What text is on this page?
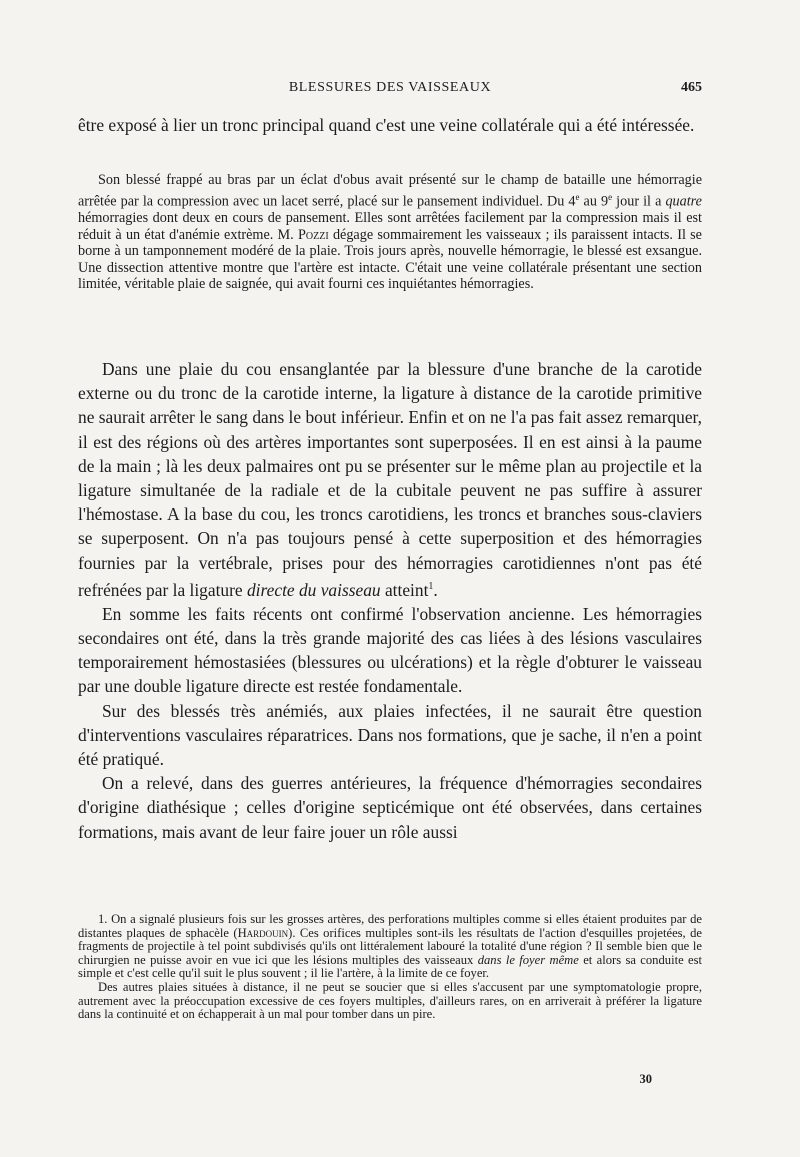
BLESSURES DES VAISSEAUX	465

être exposé à lier un tronc principal quand c'est une veine collatérale qui a été intéressée.

Son blessé frappé au bras par un éclat d'obus avait présenté sur le champ de bataille une hémorragie arrêtée par la compression avec un lacet serré, placé sur le pansement individuel. Du 4e au 9e jour il a quatre hémorragies dont deux en cours de pansement. Elles sont arrêtées facilement par la compression mais il est réduit à un état d'anémie extrème. M. Pozzi dégage sommairement les vaisseaux ; ils paraissent intacts. Il se borne à un tamponnement modéré de la plaie. Trois jours après, nouvelle hémorragie, le blessé est exsangue. Une dissection attentive montre que l'artère est intacte. C'était une veine collatérale présentant une section limitée, véritable plaie de saignée, qui avait fourni ces inquiétantes hémorragies.

Dans une plaie du cou ensanglantée par la blessure d'une branche de la carotide externe ou du tronc de la carotide interne, la ligature à distance de la carotide primitive ne saurait arrêter le sang dans le bout inférieur. Enfin et on ne l'a pas fait assez remarquer, il est des régions où des artères importantes sont superposées. Il en est ainsi à la paume de la main ; là les deux palmaires ont pu se présenter sur le même plan au projectile et la ligature simultanée de la radiale et de la cubitale peuvent ne pas suffire à assurer l'hémostase. A la base du cou, les troncs carotidiens, les troncs et branches sous-claviers se superposent. On n'a pas toujours pensé à cette superposition et des hémorragies fournies par la vertébrale, prises pour des hémorragies carotidiennes n'ont pas été refrénées par la ligature directe du vaisseau atteint$^1$.

En somme les faits récents ont confirmé l'observation ancienne. Les hémorragies secondaires ont été, dans la très grande majorité des cas liées à des lésions vasculaires temporairement hémostasiées (blessures ou ulcérations) et la règle d'obturer le vaisseau par une double ligature directe est restée fondamentale.

Sur des blessés très anémiés, aux plaies infectées, il ne saurait être question d'interventions vasculaires réparatrices. Dans nos formations, que je sache, il n'en a point été pratiqué.

On a relevé, dans des guerres antérieures, la fréquence d'hémorragies secondaires d'origine diathésique ; celles d'origine septicémique ont été observées, dans certaines formations, mais avant de leur faire jouer un rôle aussi

1. On a signalé plusieurs fois sur les grosses artères, des perforations multiples comme si elles étaient produites par de distantes plaques de sphacèle (Hardouin). Ces orifices multiples sont-ils les résultats de l'action d'esquilles projetées, de fragments de projectile à tel point subdivisés qu'ils ont littéralement labouré la totalité d'une région ? Il semble bien que le chirurgien ne puisse avoir en vue ici que les lésions multiples des vaisseaux dans le foyer même et alors sa conduite est simple et c'est celle qu'il suit le plus souvent ; il lie l'artère, à la limite de ce foyer.

Des autres plaies situées à distance, il ne peut se soucier que si elles s'accusent par une symptomatologie propre, autrement avec la préoccupation excessive de ces foyers multiples, d'ailleurs rares, on en arriverait à préférer la ligature dans la continuité et on échapperait à un mal pour tomber dans un pire.

30
